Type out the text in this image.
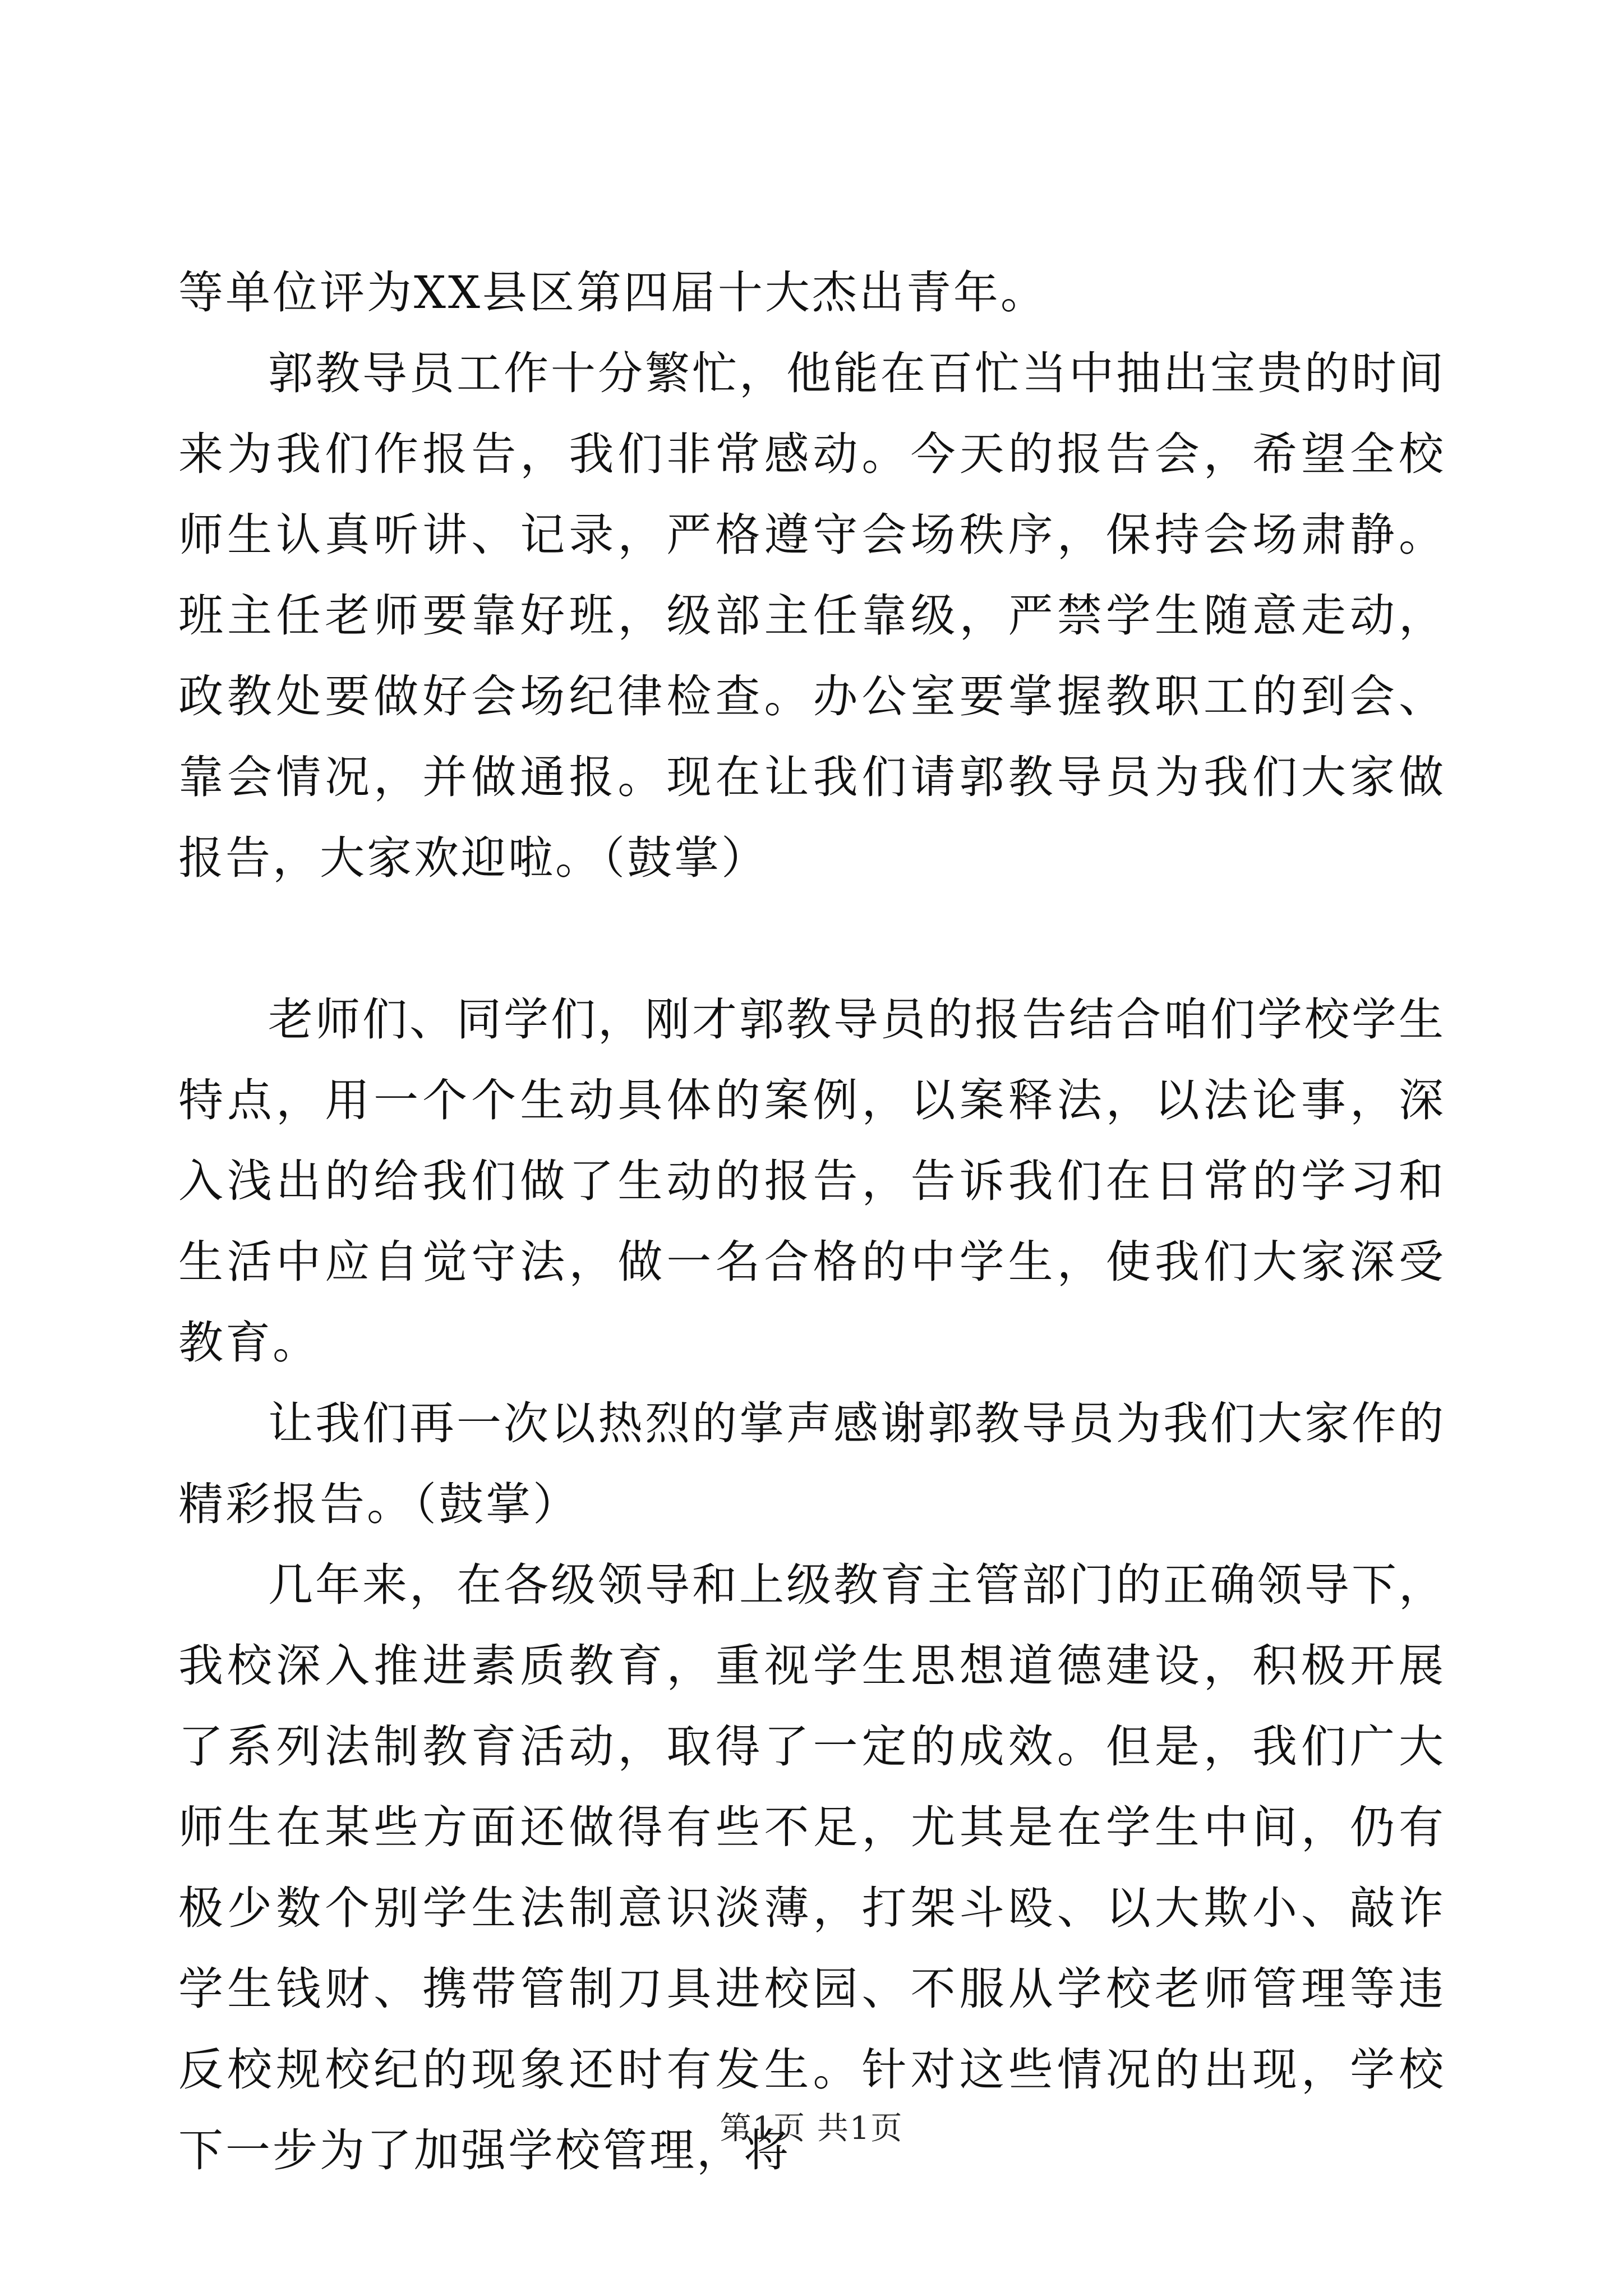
等单位评为XX县区第四届十大杰出青年。

郭教导员工作十分繁忙，他能在百忙当中抽出宝贵的时间来为我们作报告，我们非常感动。今天的报告会，希望全校师生认真听讲、记录，严格遵守会场秩序，保持会场肃静。班主任老师要靠好班，级部主任靠级，严禁学生随意走动，政教处要做好会场纪律检查。办公室要掌握教职工的到会、靠会情况，并做通报。现在让我们请郭教导员为我们大家做报告，大家欢迎啦。（鼓掌）

老师们、同学们，刚才郭教导员的报告结合咱们学校学生特点，用一个个生动具体的案例，以案释法，以法论事，深入浅出的给我们做了生动的报告，告诉我们在日常的学习和生活中应自觉守法，做一名合格的中学生，使我们大家深受教育。

让我们再一次以热烈的掌声感谢郭教导员为我们大家作的精彩报告。（鼓掌）

几年来，在各级领导和上级教育主管部门的正确领导下，我校深入推进素质教育，重视学生思想道德建设，积极开展了系列法制教育活动，取得了一定的成效。但是，我们广大师生在某些方面还做得有些不足，尤其是在学生中间，仍有极少数个别学生法制意识淡薄，打架斗殴、以大欺小、敲诈学生钱财、携带管制刀具进校园、不服从学校老师管理等违反校规校纪的现象还时有发生。针对这些情况的出现，学校下一步为了加强学校管理，将

第1页 共1页
